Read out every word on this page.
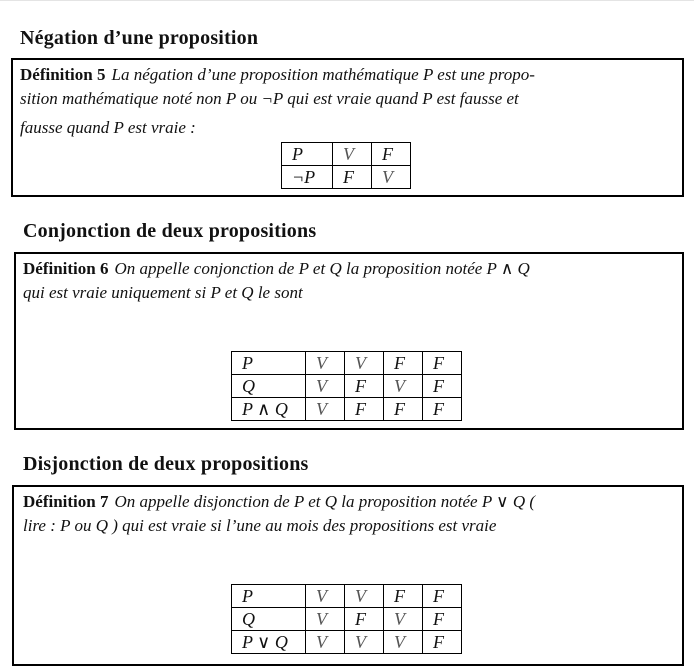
Négation d’une proposition
Définition 5 La négation d’une proposition mathématique P est une propo-
sition mathématique noté non P ou ¬P qui est vraie quand P est fausse et
fausse quand P est vraie :
P	V	F
¬P	F	V
Conjonction de deux propositions
Définition 6 On appelle conjonction de P et Q la proposition notée P ∧ Q
qui est vraie uniquement si P et Q le sont
P	V	V	F	F
Q	V	F	V	F
P ∧ Q	V	F	F	F
Disjonction de deux propositions
Définition 7 On appelle disjonction de P et Q la proposition notée P ∨ Q (
lire : P ou Q ) qui est vraie si l’une au mois des propositions est vraie
P	V	V	F	F
Q	V	F	V	F
P ∨ Q	V	V	V	F
